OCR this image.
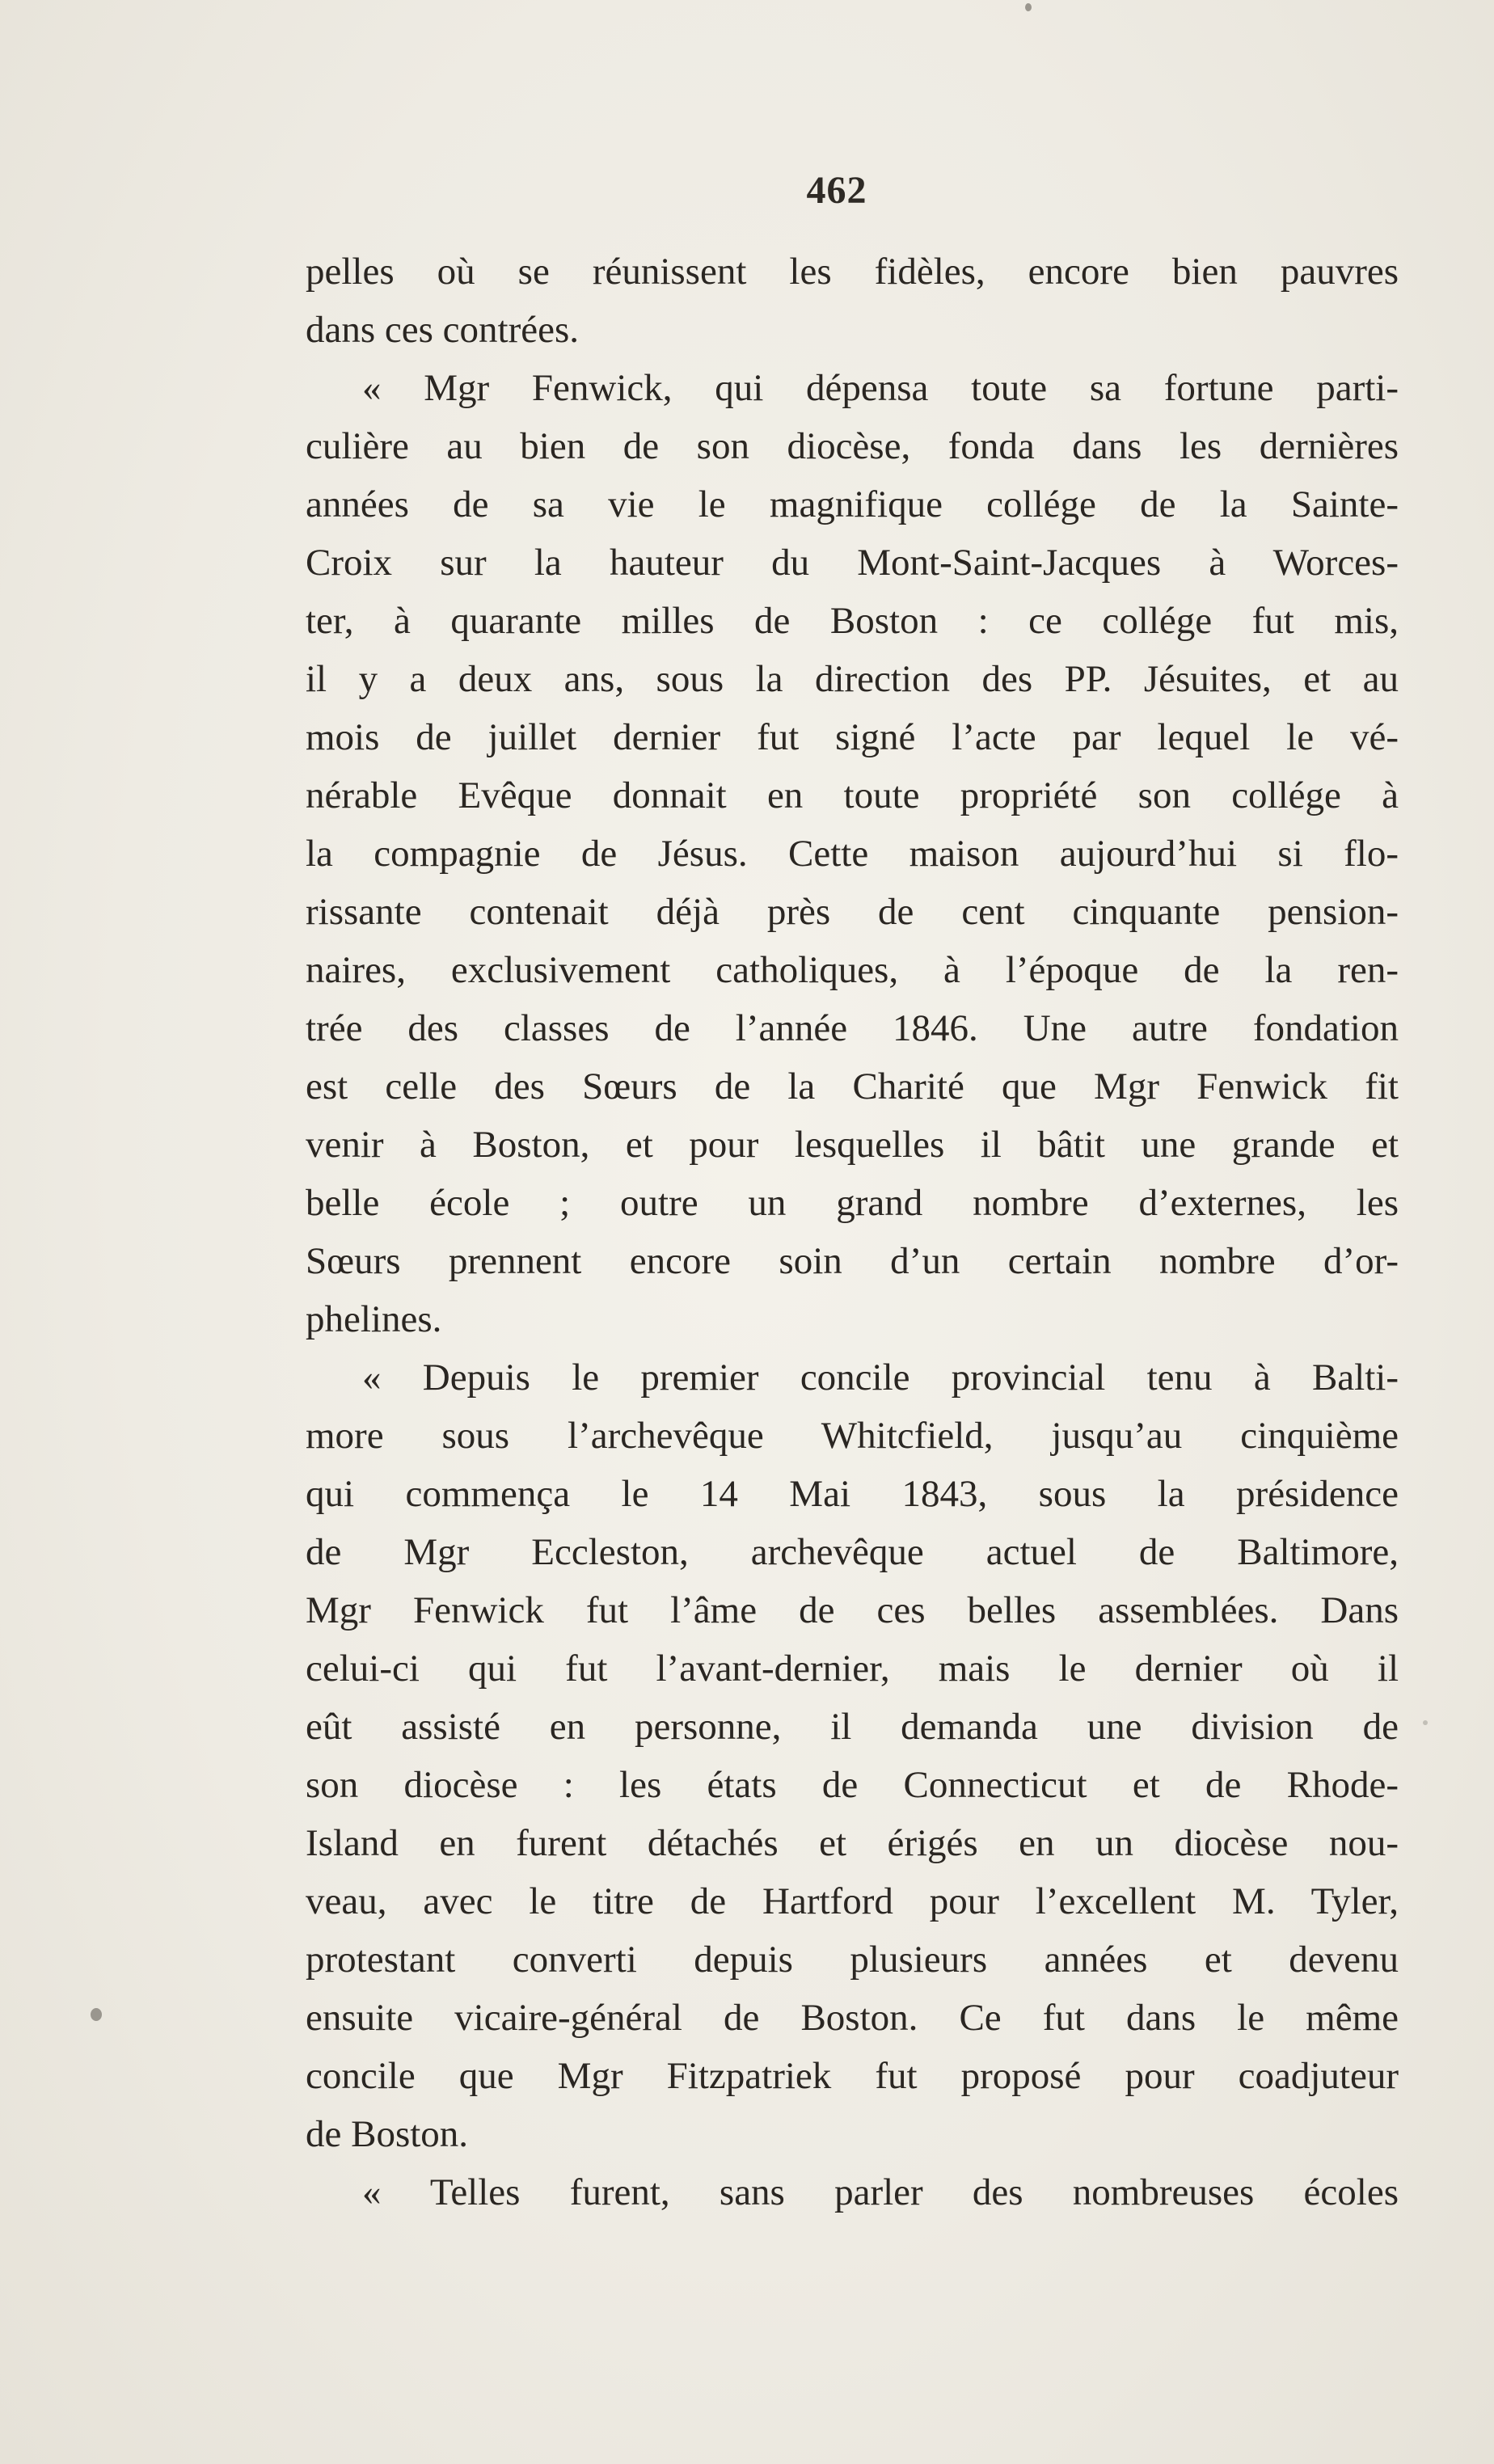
462
pelles où se réunissent les fidèles, encore bien pauvres
dans ces contrées.
« Mgr Fenwick, qui dépensa toute sa fortune parti-
culière au bien de son diocèse, fonda dans les dernières
années de sa vie le magnifique collége de la Sainte-
Croix sur la hauteur du Mont-Saint-Jacques à Worces-
ter, à quarante milles de Boston : ce collége fut mis,
il y a deux ans, sous la direction des PP. Jésuites, et au
mois de juillet dernier fut signé l’acte par lequel le vé-
nérable Evêque donnait en toute propriété son collége à
la compagnie de Jésus. Cette maison aujourd’hui si flo-
rissante contenait déjà près de cent cinquante pension-
naires, exclusivement catholiques, à l’époque de la ren-
trée des classes de l’année 1846. Une autre fondation
est celle des Sœurs de la Charité que Mgr Fenwick fit
venir à Boston, et pour lesquelles il bâtit une grande et
belle école ; outre un grand nombre d’externes, les
Sœurs prennent encore soin d’un certain nombre d’or-
phelines.
« Depuis le premier concile provincial tenu à Balti-
more sous l’archevêque Whitcfield, jusqu’au cinquième
qui commença le 14 Mai 1843, sous la présidence
de Mgr Eccleston, archevêque actuel de Baltimore,
Mgr Fenwick fut l’âme de ces belles assemblées. Dans
celui-ci qui fut l’avant-dernier, mais le dernier où il
eût assisté en personne, il demanda une division de
son diocèse : les états de Connecticut et de Rhode-
Island en furent détachés et érigés en un diocèse nou-
veau, avec le titre de Hartford pour l’excellent M. Tyler,
protestant converti depuis plusieurs années et devenu
ensuite vicaire-général de Boston. Ce fut dans le même
concile que Mgr Fitzpatriek fut proposé pour coadjuteur
de Boston.
« Telles furent, sans parler des nombreuses écoles
